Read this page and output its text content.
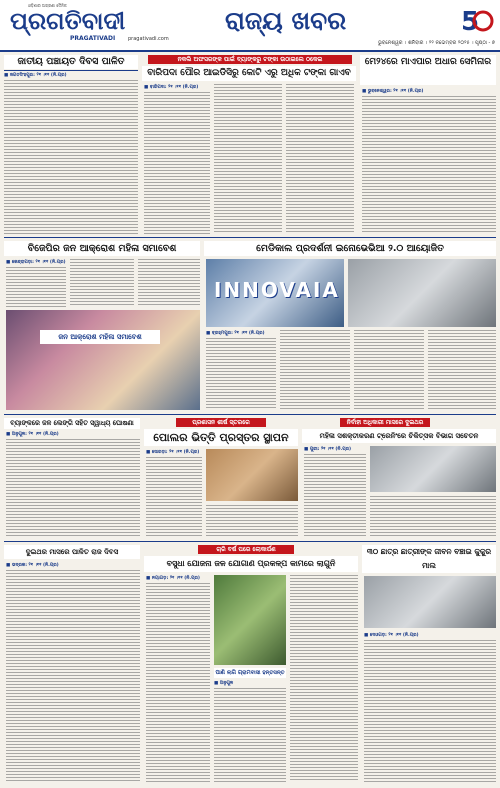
ଓଡ଼ିଶାର ଅଗ୍ରଣୀ ଦୈନିକ
ପ୍ରଗତିବାଦୀ
PRAGATIVADI	pragativadi.com
ରାଜ୍ୟ ଖବର	5
ଭୁବନେଶ୍ୱର । ଶନିବାର । ୨୨ ନଭେମ୍ବର ୨୦୨୫ । ପୃଷ୍ଠା - ୭
ଜାତୀୟ ପଞ୍ଚାୟତ ଦିବସ ପାଳିତ
■ ଜଗତସିଂହପୁର: ୨୧ ।୧୧ (ନି.ପ୍ର)
ନକଲି ଅଫସରଙ୍କ ପାଇଁ ବ୍ୟାଙ୍କରୁ ଟଙ୍କା ଉଠାଇଲେ ଠକେଇ
ବାରିପଦା ପୌର ଆଇଡିସିରୁ କୋଟି ଏରୁ ଅଧିକ ଟଙ୍କା ଗାଏବ
■ ବାରିପଦା: ୨୧ ।୧୧ (ନି.ପ୍ର)
ମେ୨୪ରେ ମାଏପାର ଅଧାର ସେମିନାର
■ ଭୁବନେଶ୍ୱର: ୨୧ ।୧୧ (ନି.ପ୍ର)
ବିଜେପିର ଜନ ଆକ୍ରୋଶ ମହିଳା ସମାବେଶ
■ କେନ୍ଦ୍ରାପଡ଼ା: ୨୧ ।୧୧ (ନି.ପ୍ର)
ଜନ ଆକ୍ରୋଶ ମହିଳା ସମାବେଶ
ମେଡିକାଲ ପ୍ରଦର୍ଶନୀ ଇନୋଭେଭିଆ ୨.୦ ଆୟୋଜିତ
INNOVAIA
■ ବ୍ରହ୍ମପୁର: ୨୧ ।୧୧ (ନି.ପ୍ର)
ବ୍ୟାଙ୍କରେ ଜଳ ଲେଙ୍ଗି ସହିତ ସ୍ୱାଧ୍ୟ ଘୋଷଣା
■ ଅନୁଗୁଳ: ୨୧ ।୧୧ (ନି.ପ୍ର)
ପ୍ରଶାସନ ଶୀର୍ଷ ସ୍ତରରେ
ପୋଲର ଭିତ୍ତି ପ୍ରସ୍ତର ସ୍ଥାପନ
■ ସୋରଡ଼ା: ୨୧ ।୧୧ (ନି.ପ୍ର)
ନିର୍ବାହୀ ଅଧିକାରୀ ମାସରେ ଦୁଇଥର
ମହିଳା ସଶକ୍ତୀକରଣ ଟ୍ରେନିଂରେ ଚିକିତ୍ସକ ବିଭାଗ ସଚେତନ
■ ପୁରୀ: ୨୧ ।୧୧ (ନି.ପ୍ର)
ଦୁଇଥର ମାସରେ ପାଳିତ ରାଜ ଦିବସ
■ ଭଦ୍ରକ: ୨୧ ।୧୧ (ନି.ପ୍ର)
ଚାରି ବର୍ଷ ପରେ ଲୋକାର୍ପଣ
ବସୁଧା ଯୋଜନା ଜଳ ଯୋଗାଣ ପ୍ରକଳ୍ପ କାମରେ ଲାଗୁନି
■ ନୟାଗଡ଼: ୨୧ ।୧୧ (ନି.ପ୍ର)
ପାଣି ଲାଗି ଗ୍ରାମବାସୀ ହନ୍ତସନ୍ତ
■ ଅନୁଗୁଳ
୩୦ ଛାତ୍ର ଛାତ୍ରୀଙ୍କ ଜୀବନ ବଞ୍ଚାଇ କୁକୁର ମାଲ
■ ଦେଓଗଡ଼: ୨୧ ।୧୧ (ନି.ପ୍ର)
